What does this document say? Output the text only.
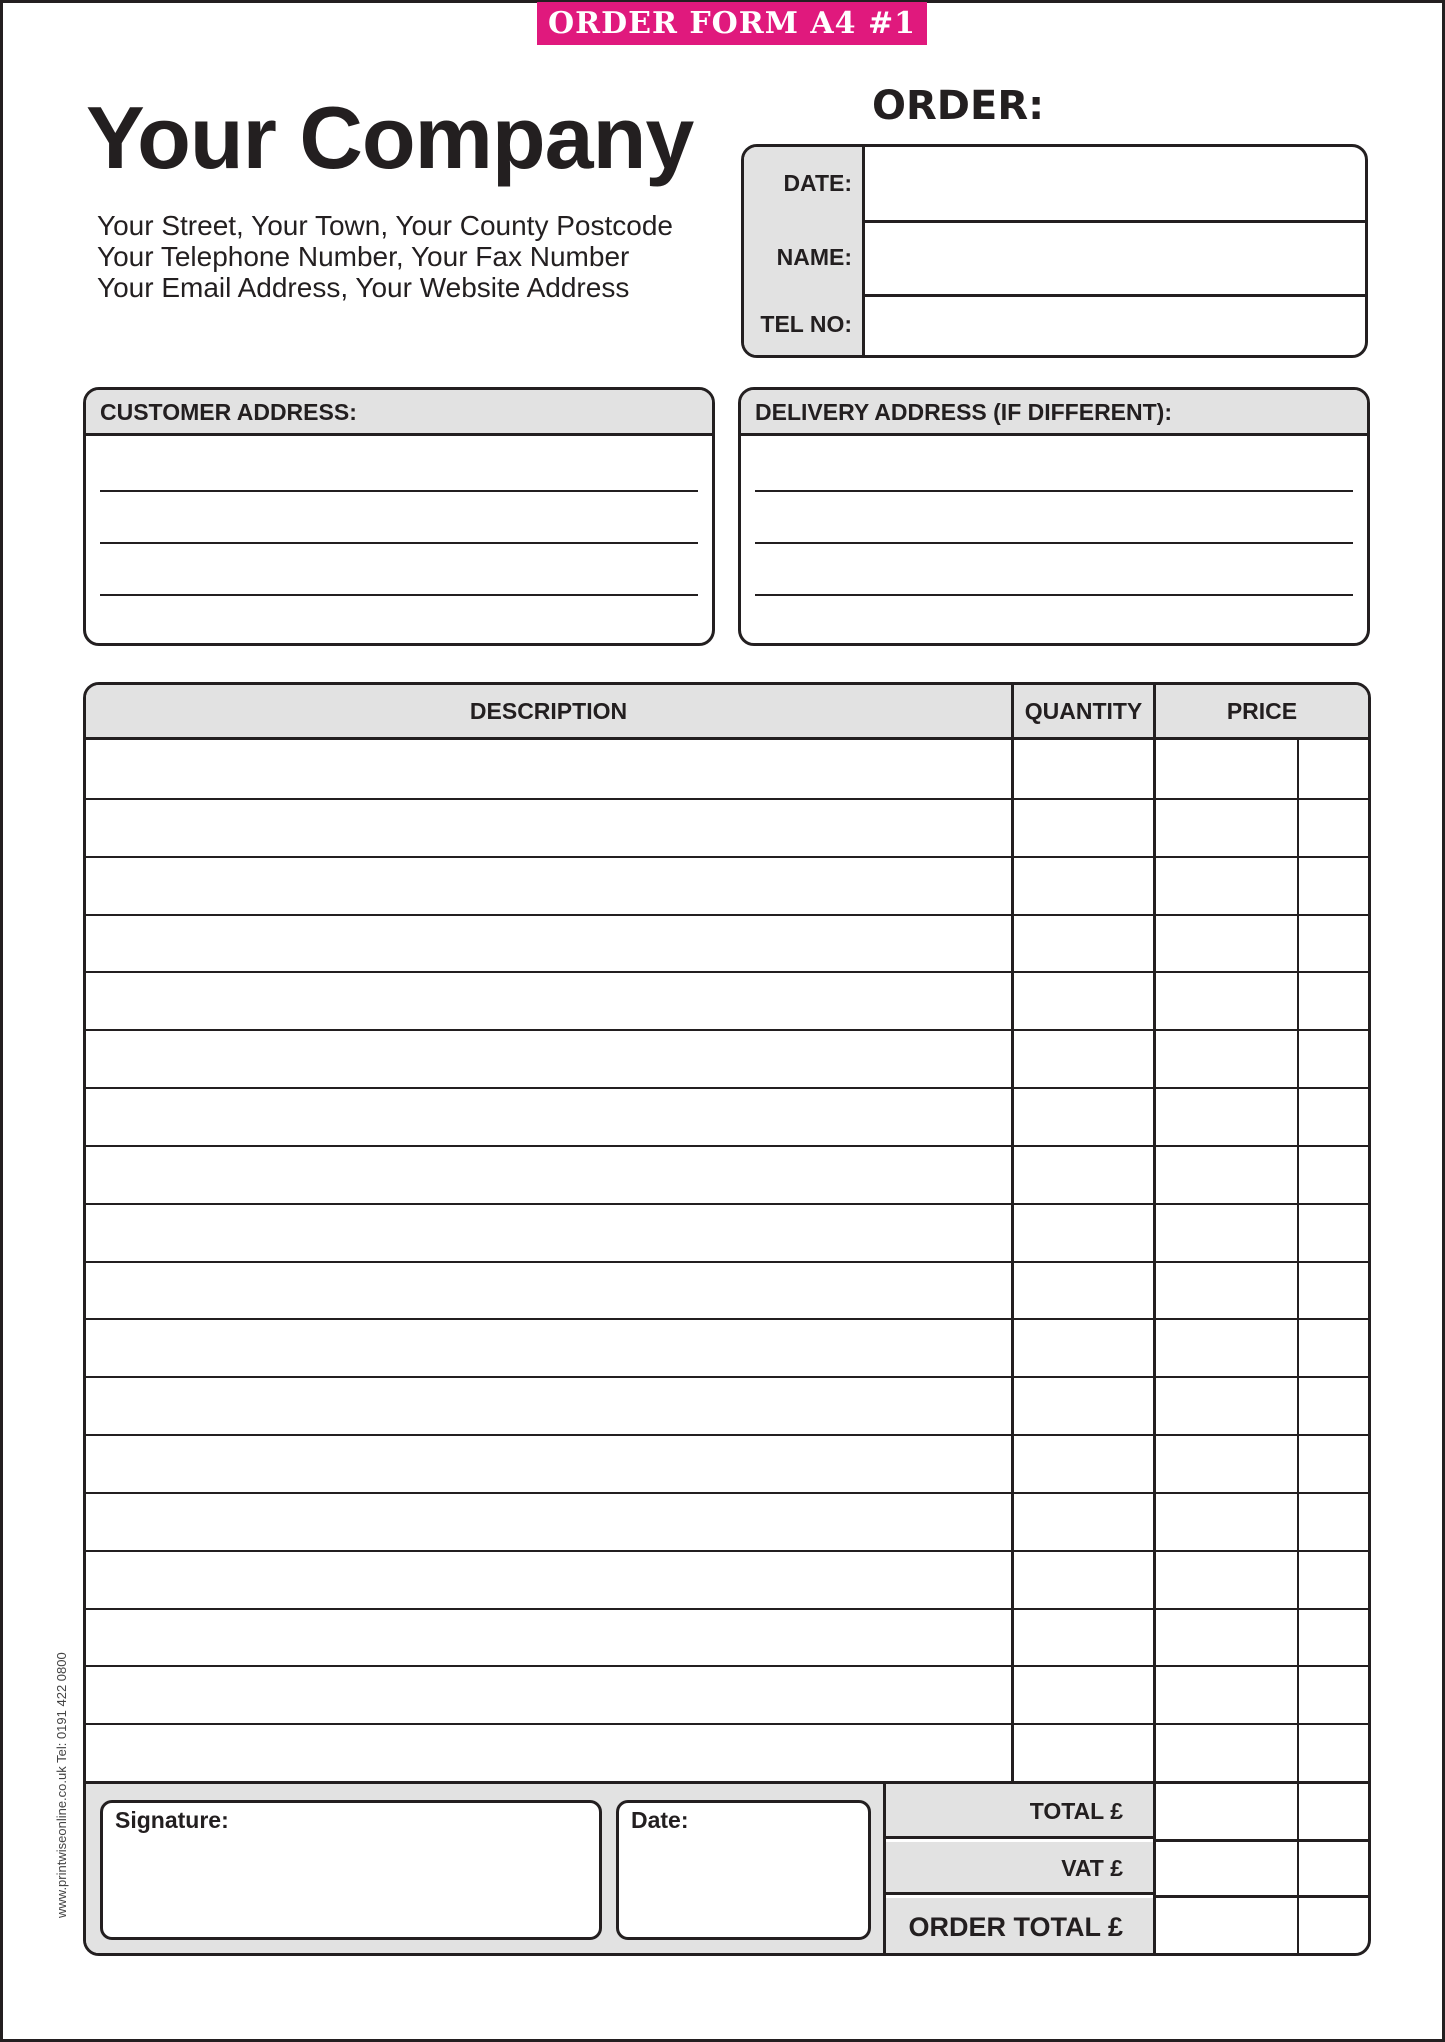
ORDER FORM A4 #1
Your Company
Your Street, Your Town, Your County Postcode
Your Telephone Number, Your Fax Number
Your Email Address, Your Website Address
ORDER:
DATE:
NAME:
TEL NO:
CUSTOMER ADDRESS:	DELIVERY ADDRESS (IF DIFFERENT):
DESCRIPTION	QUANTITY	PRICE
Signature:	Date:	TOTAL £
VAT £
ORDER TOTAL £
www.printwiseonline.co.uk Tel: 0191 422 0800
